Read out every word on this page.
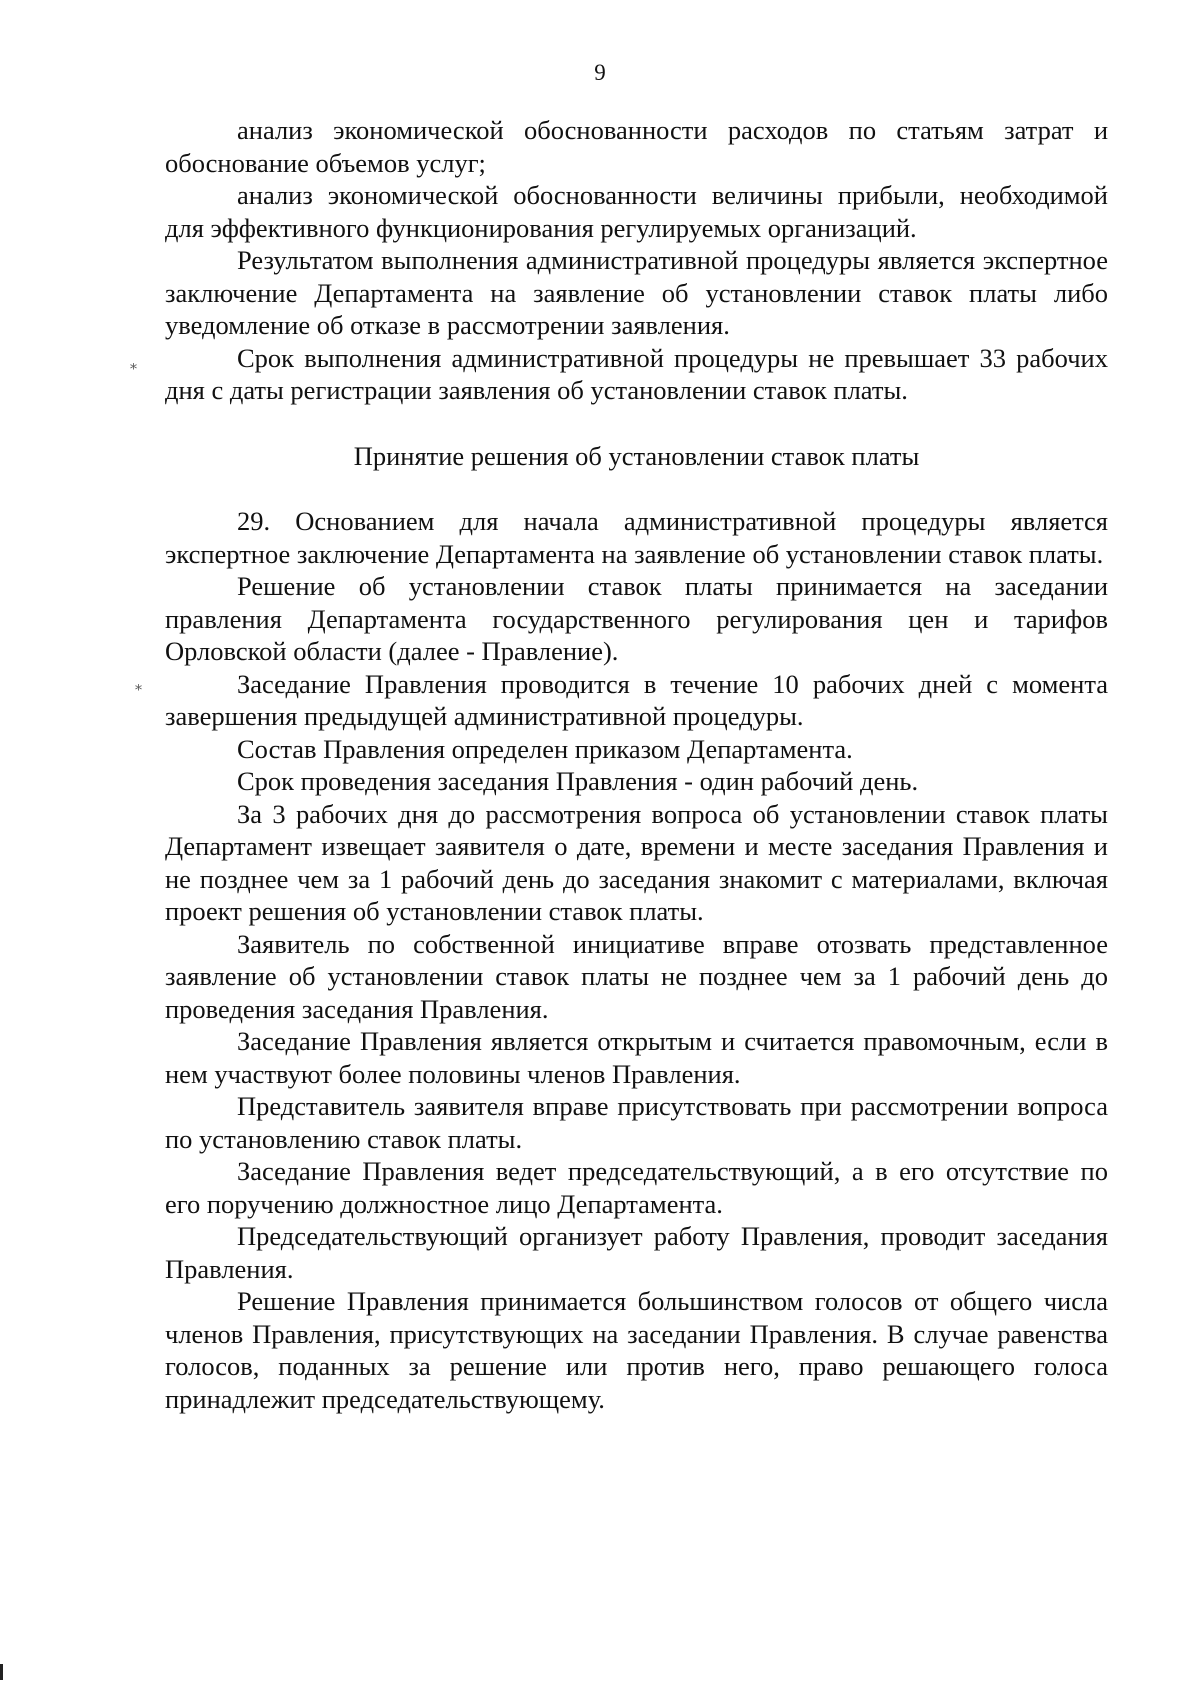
9
⁎
⁎

анализ экономической обоснованности расходов по статьям затрат и обоснование объемов услуг;

анализ экономической обоснованности величины прибыли, необходимой для эффективного функционирования регулируемых организаций.

Результатом выполнения административной процедуры является экспертное заключение Департамента на заявление об установлении ставок платы либо уведомление об отказе в рассмотрении заявления.

Срок выполнения административной процедуры не превышает 33 рабочих дня с даты регистрации заявления об установлении ставок платы.

Принятие решения об установлении ставок платы

29. Основанием для начала административной процедуры является экспертное заключение Департамента на заявление об установлении ставок платы.

Решение об установлении ставок платы принимается на заседании правления Департамента государственного регулирования цен и тарифов Орловской области (далее - Правление).

Заседание Правления проводится в течение 10 рабочих дней с момента завершения предыдущей административной процедуры.

Состав Правления определен приказом Департамента.

Срок проведения заседания Правления - один рабочий день.

За 3 рабочих дня до рассмотрения вопроса об установлении ставок платы Департамент извещает заявителя о дате, времени и месте заседания Правления и не позднее чем за 1 рабочий день до заседания знакомит с материалами, включая проект решения об установлении ставок платы.

Заявитель по собственной инициативе вправе отозвать представленное заявление об установлении ставок платы не позднее чем за 1 рабочий день до проведения заседания Правления.

Заседание Правления является открытым и считается правомочным, если в нем участвуют более половины членов Правления.

Представитель заявителя вправе присутствовать при рассмотрении вопроса по установлению ставок платы.

Заседание Правления ведет председательствующий, а в его отсутствие по его поручению должностное лицо Департамента.

Председательствующий организует работу Правления, проводит заседания Правления.

Решение Правления принимается большинством голосов от общего числа членов Правления, присутствующих на заседании Правления. В случае равенства голосов, поданных за решение или против него, право решающего голоса принадлежит председательствующему.
